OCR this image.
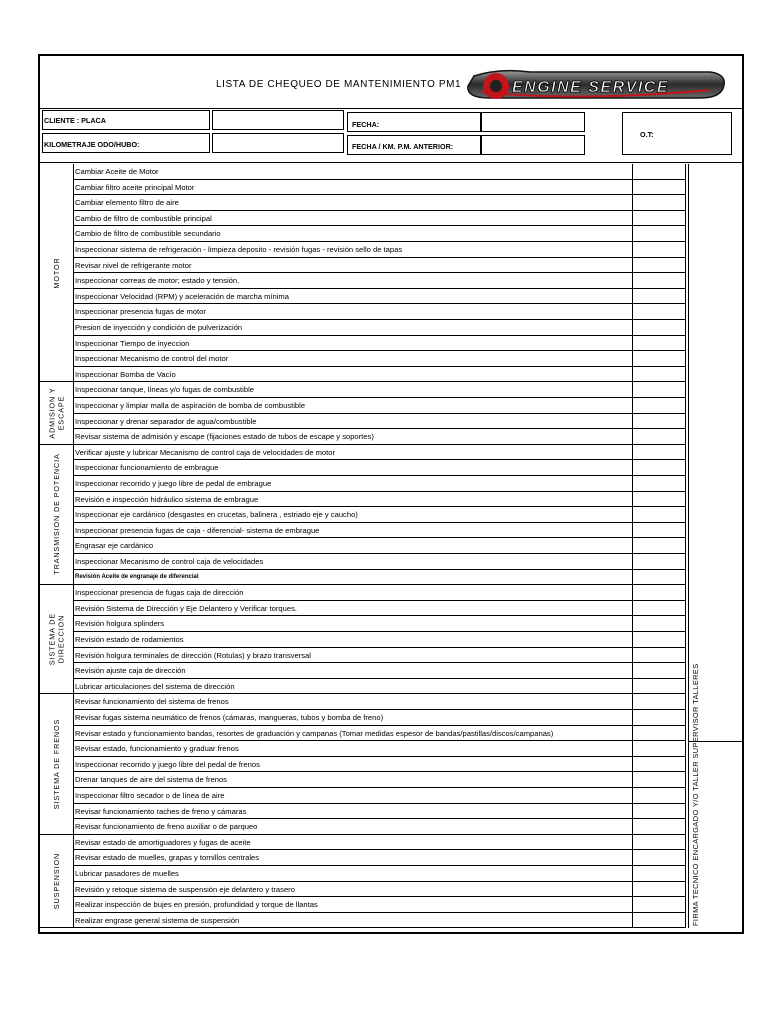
LISTA DE CHEQUEO DE MANTENIMIENTO PM1	ENGINE SERVICE
CLIENTE : PLACA
KILOMETRAJE ODO/HUBO:
FECHA:
FECHA / KM. P.M. ANTERIOR:
O.T:
FIRMA TECNICO ENCARGADO Y/O TALLER SUPERVISOR TALLERES
MOTOR
Cambiar Aceite de Motor
Cambiar filtro aceite principal Motor
Cambiar elemento filtro de aire
Cambio de filtro de combustible principal
Cambio de filtro de combustible secundario
Inspeccionar sistema de refrigeración - limpieza deposito - revisión fugas - revisión sello de tapas
Revisar nivel de refrigerante motor
Inspeccionar correas de motor; estado y tensión.
Inspeccionar Velocidad (RPM) y aceleración de marcha mínima
Inspeccionar presencia fugas de motor
Presion de inyección y condición de pulverización
Inspeccionar Tiempo de inyeccion
Inspeccionar Mecanismo de control del motor
Inspeccionar Bomba de Vacío
ADMISION Y
ESCAPE
Inspeccionar tanque, líneas y/o fugas de combustible
Inspeccionar y limpiar malla de aspiración de bomba de combustible
Inspeccionar y drenar separador de agua/combustible
Revisar sistema de admisión y escape (fijaciones estado de tubos de escape y soportes)
TRANSMISION DE POTENCIA
Verificar ajuste y lubricar Mecanismo de control caja de velocidades de motor
Inspeccionar funcionamiento de embrague
Inspeccionar recorrido y juego libre de pedal de embrague
Revisión e inspección hidráulico sistema de embrague
Inspeccionar eje cardánico (desgastes en crucetas, balinera , estriado eje y caucho)
Inspeccionar presencia fugas de caja - diferencial- sistema de embrague
Engrasar eje cardánico
Inspeccionar Mecanismo de control caja de velocidades
Revisión Aceite de engranaje de diferencial
SISTEMA DE
DIRECCION
Inspeccionar presencia de fugas caja de dirección
Revisión Sistema de Dirección y Eje Delantero y Verificar torques.
Revisión holgura splinders
Revisión estado de rodamientos
Revisión holgura terminales de dirección (Rotulas) y brazo transversal
Revisión ajuste caja de dirección
Lubricar articulaciones del sistema de dirección
SISTEMA DE FRENOS
Revisar funcionamiento del sistema de frenos
Revisar fugas sistema neumático de frenos (cámaras, mangueras, tubos y bomba de freno)
Revisar estado y funcionamiento bandas, resortes de graduación y campanas (Tomar medidas espesor de bandas/pastillas/discos/campanas)
Revisar estado, funcionamiento y graduar frenos
Inspeccionar recorrido y juego libre del pedal de frenos
Drenar tanques de aire del sistema de frenos
Inspeccionar filtro secador o de línea de aire
Revisar funcionamiento raches de freno y cámaras
Revisar funcionamiento de freno auxiliar o de parqueo
SUSPENSION
Revisar estado de amortiguadores y fugas de aceite
Revisar estado de muelles, grapas y tornillos centrales
Lubricar pasadores de muelles
Revisión y retoque sistema de suspensión eje delantero y trasero
Realizar inspección de bujes en presión, profundidad y torque de llantas
Realizar engrase general sistema de suspensión
